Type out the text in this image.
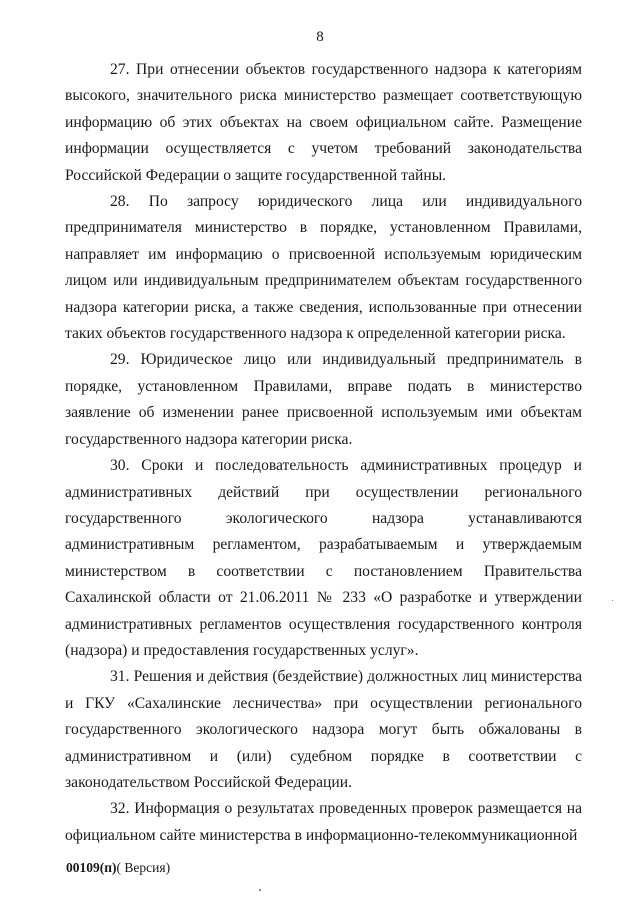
8

27. При отнесении объектов государственного надзора к категориям высокого, значительного риска министерство размещает соответствующую информацию об этих объектах на своем официальном сайте. Размещение информации осуществляется с учетом требований законодательства Российской Федерации о защите государственной тайны.

28. По запросу юридического лица или индивидуального предпринимателя министерство в порядке, установленном Правилами, направляет им информацию о присвоенной используемым юридическим лицом или индивидуальным предпринимателем объектам государственного надзора категории риска, а также сведения, использованные при отнесении таких объектов государственного надзора к определенной категории риска.

29. Юридическое лицо или индивидуальный предприниматель в порядке, установленном Правилами, вправе подать в министерство заявление об изменении ранее присвоенной используемым ими объектам государственного надзора категории риска.

30. Сроки и последовательность административных процедур и административных действий при осуществлении регионального государственного экологического надзора устанавливаются административным регламентом, разрабатываемым и утверждаемым министерством в соответствии с постановлением Правительства Сахалинской области от 21.06.2011 № 233 «О разработке и утверждении административных регламентов осуществления государственного контроля (надзора) и предоставления государственных услуг».

31. Решения и действия (бездействие) должностных лиц министерства и ГКУ «Сахалинские лесничества» при осуществлении регионального государственного экологического надзора могут быть обжалованы в административном и (или) судебном порядке в соответствии с законодательством Российской Федерации.

32. Информация о результатах проведенных проверок размещается на официальном сайте министерства в информационно-телекоммуникационной

00109(п)( Версия)
